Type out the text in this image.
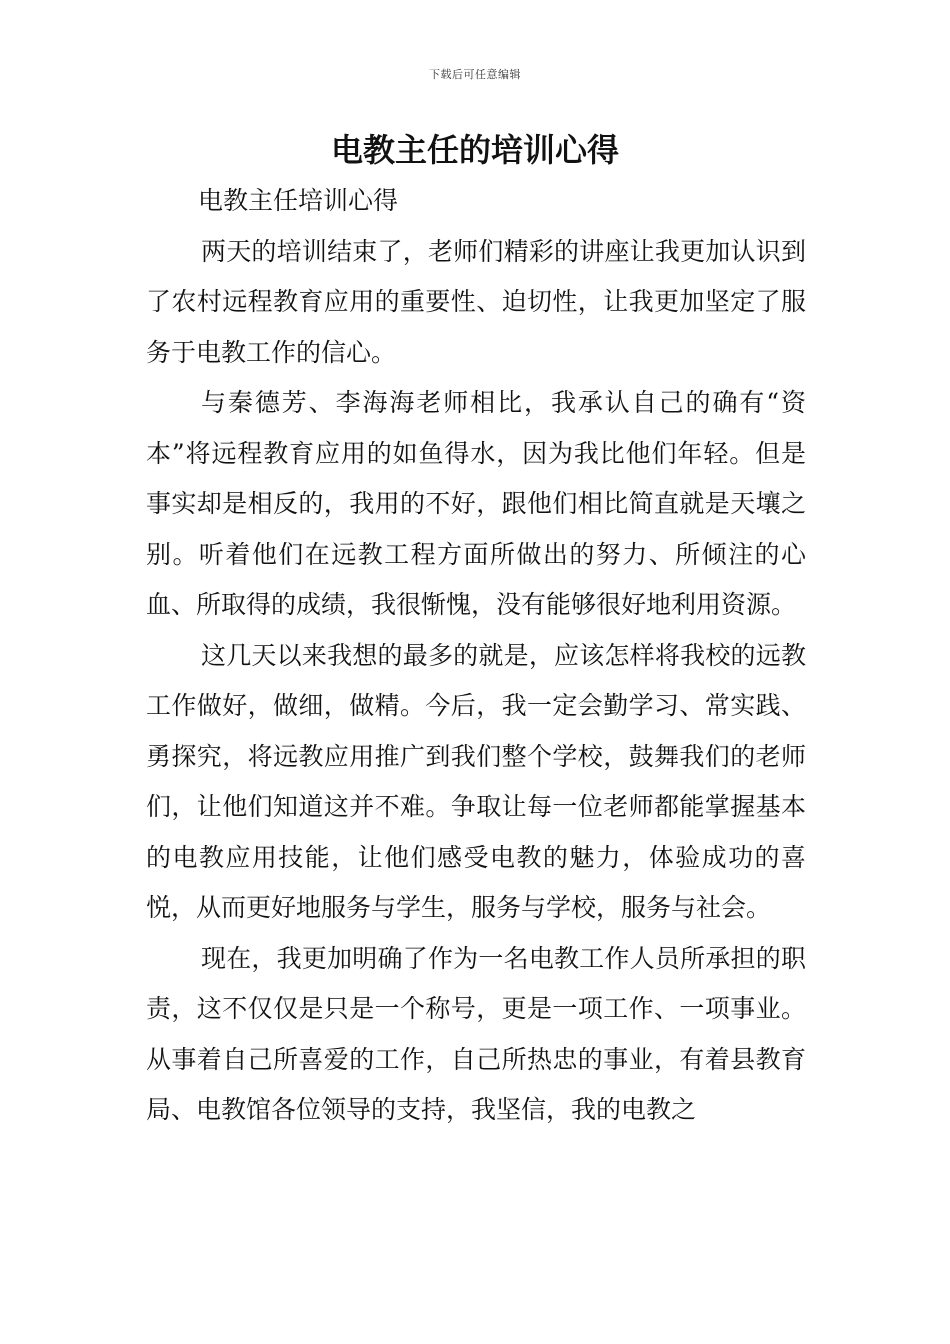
下载后可任意编辑
电教主任的培训心得

电教主任培训心得

两天的培训结束了，老师们精彩的讲座让我更加认识到了农村远程教育应用的重要性、迫切性，让我更加坚定了服务于电教工作的信心。

与秦德芳、李海海老师相比，我承认自己的确有“资本”将远程教育应用的如鱼得水，因为我比他们年轻。但是事实却是相反的，我用的不好，跟他们相比简直就是天壤之别。听着他们在远教工程方面所做出的努力、所倾注的心血、所取得的成绩，我很惭愧，没有能够很好地利用资源。

这几天以来我想的最多的就是，应该怎样将我校的远教工作做好，做细，做精。今后，我一定会勤学习、常实践、勇探究，将远教应用推广到我们整个学校，鼓舞我们的老师们，让他们知道这并不难。争取让每一位老师都能掌握基本的电教应用技能，让他们感受电教的魅力，体验成功的喜悦，从而更好地服务与学生，服务与学校，服务与社会。

现在，我更加明确了作为一名电教工作人员所承担的职责，这不仅仅是只是一个称号，更是一项工作、一项事业。从事着自己所喜爱的工作，自己所热忠的事业，有着县教育局、电教馆各位领导的支持，我坚信，我的电教之
